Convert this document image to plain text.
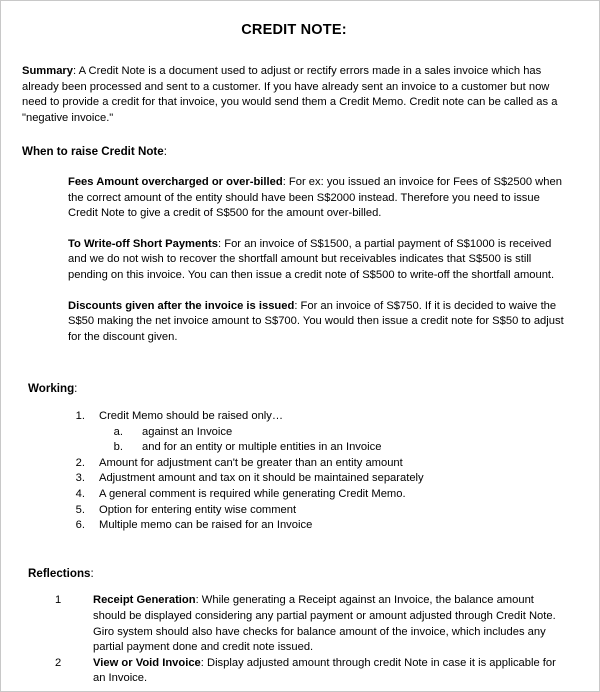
CREDIT NOTE:

Summary: A Credit Note is a document used to adjust or rectify errors made in a sales invoice which has already been processed and sent to a customer. If you have already sent an invoice to a customer but now need to provide a credit for that invoice, you would send them a Credit Memo. Credit note can be called as a "negative invoice."

When to raise Credit Note:

Fees Amount overcharged or over-billed: For ex: you issued an invoice for Fees of S$2500 when the correct amount of the entity should have been S$2000 instead. Therefore you need to issue Credit Note to give a credit of S$500 for the amount over-billed.

To Write-off Short Payments: For an invoice of S$1500, a partial payment of S$1000 is received and we do not wish to recover the shortfall amount but receivables indicates that S$500 is still pending on this invoice. You can then issue a credit note of S$500 to write-off the shortfall amount.

Discounts given after the invoice is issued: For an invoice of S$750. If it is decided to waive the S$50 making the net invoice amount to S$700. You would then issue a credit note for S$50 to adjust for the discount given.

Working:

1. Credit Memo should be raised only…
a. against an Invoice
b. and for an entity or multiple entities in an Invoice
2. Amount for adjustment can't be greater than an entity amount
3. Adjustment amount and tax on it should be maintained separately
4. A general comment is required while generating Credit Memo.
5. Option for entering entity wise comment
6. Multiple memo can be raised for an Invoice

Reflections:

1	Receipt Generation: While generating a Receipt against an Invoice, the balance amount should be displayed considering any partial payment or amount adjusted through Credit Note.
Giro system should also have checks for balance amount of the invoice, which includes any partial payment done and credit note issued.
2	View or Void Invoice: Display adjusted amount through credit Note in case it is applicable for an Invoice.
